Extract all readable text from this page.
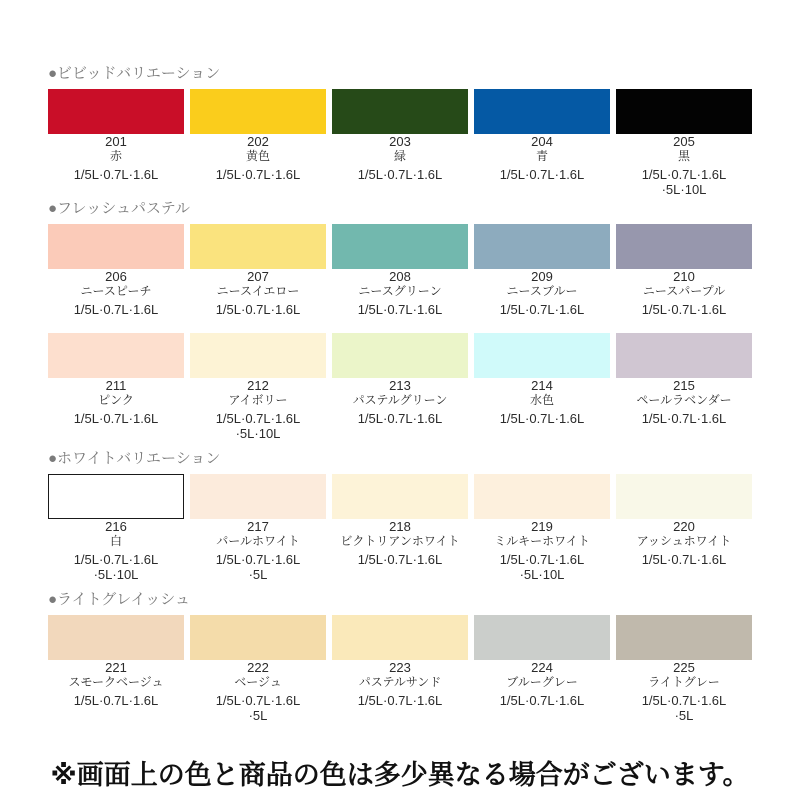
●ビビッドバリエーション
201
赤
1/5L·0.7L·1.6L
202
黄色
1/5L·0.7L·1.6L
203
緑
1/5L·0.7L·1.6L
204
青
1/5L·0.7L·1.6L
205
黒
1/5L·0.7L·1.6L
·5L·10L
●フレッシュパステル
206
ニースピーチ
1/5L·0.7L·1.6L
207
ニースイエロー
1/5L·0.7L·1.6L
208
ニースグリーン
1/5L·0.7L·1.6L
209
ニースブルー
1/5L·0.7L·1.6L
210
ニースパープル
1/5L·0.7L·1.6L
211
ピンク
1/5L·0.7L·1.6L
212
アイボリー
1/5L·0.7L·1.6L
·5L·10L
213
パステルグリーン
1/5L·0.7L·1.6L
214
水色
1/5L·0.7L·1.6L
215
ペールラベンダー
1/5L·0.7L·1.6L
●ホワイトバリエーション
216
白
1/5L·0.7L·1.6L
·5L·10L
217
パールホワイト
1/5L·0.7L·1.6L
·5L
218
ビクトリアンホワイト
1/5L·0.7L·1.6L
219
ミルキーホワイト
1/5L·0.7L·1.6L
·5L·10L
220
アッシュホワイト
1/5L·0.7L·1.6L
●ライトグレイッシュ
221
スモークベージュ
1/5L·0.7L·1.6L
222
ベージュ
1/5L·0.7L·1.6L
·5L
223
パステルサンド
1/5L·0.7L·1.6L
224
ブルーグレー
1/5L·0.7L·1.6L
225
ライトグレー
1/5L·0.7L·1.6L
·5L
※画面上の色と商品の色は多少異なる場合がございます。
